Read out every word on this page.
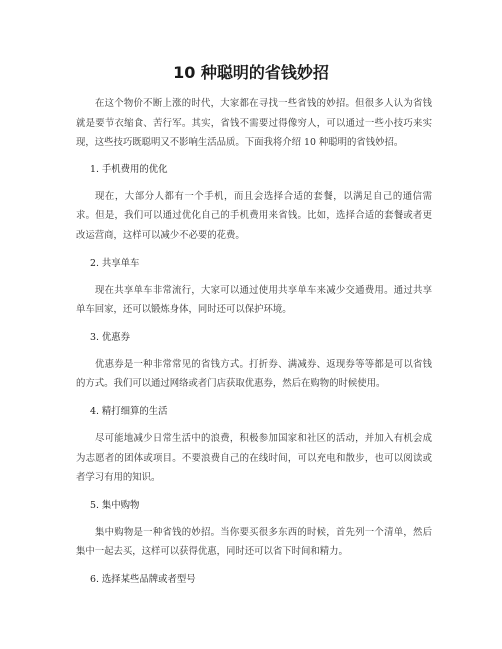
10 种聪明的省钱妙招

在这个物价不断上涨的时代，大家都在寻找一些省钱的妙招。但很多人认为省钱就是要节衣缩食、苦行军。其实，省钱不需要过得像穷人，可以通过一些小技巧来实现，这些技巧既聪明又不影响生活品质。下面我将介绍 10 种聪明的省钱妙招。

1. 手机费用的优化

现在，大部分人都有一个手机，而且会选择合适的套餐，以满足自己的通信需求。但是，我们可以通过优化自己的手机费用来省钱。比如，选择合适的套餐或者更改运营商，这样可以减少不必要的花费。

2. 共享单车

现在共享单车非常流行，大家可以通过使用共享单车来减少交通费用。通过共享单车回家，还可以锻炼身体，同时还可以保护环境。

3. 优惠券

优惠券是一种非常常见的省钱方式。打折券、满减券、返现券等等都是可以省钱的方式。我们可以通过网络或者门店获取优惠券，然后在购物的时候使用。

4. 精打细算的生活

尽可能地减少日常生活中的浪费，积极参加国家和社区的活动，并加入有机会成为志愿者的团体或项目。不要浪费自己的在线时间，可以充电和散步，也可以阅读或者学习有用的知识。

5. 集中购物

集中购物是一种省钱的妙招。当你要买很多东西的时候，首先列一个清单，然后集中一起去买，这样可以获得优惠，同时还可以省下时间和精力。

6. 选择某些品牌或者型号
